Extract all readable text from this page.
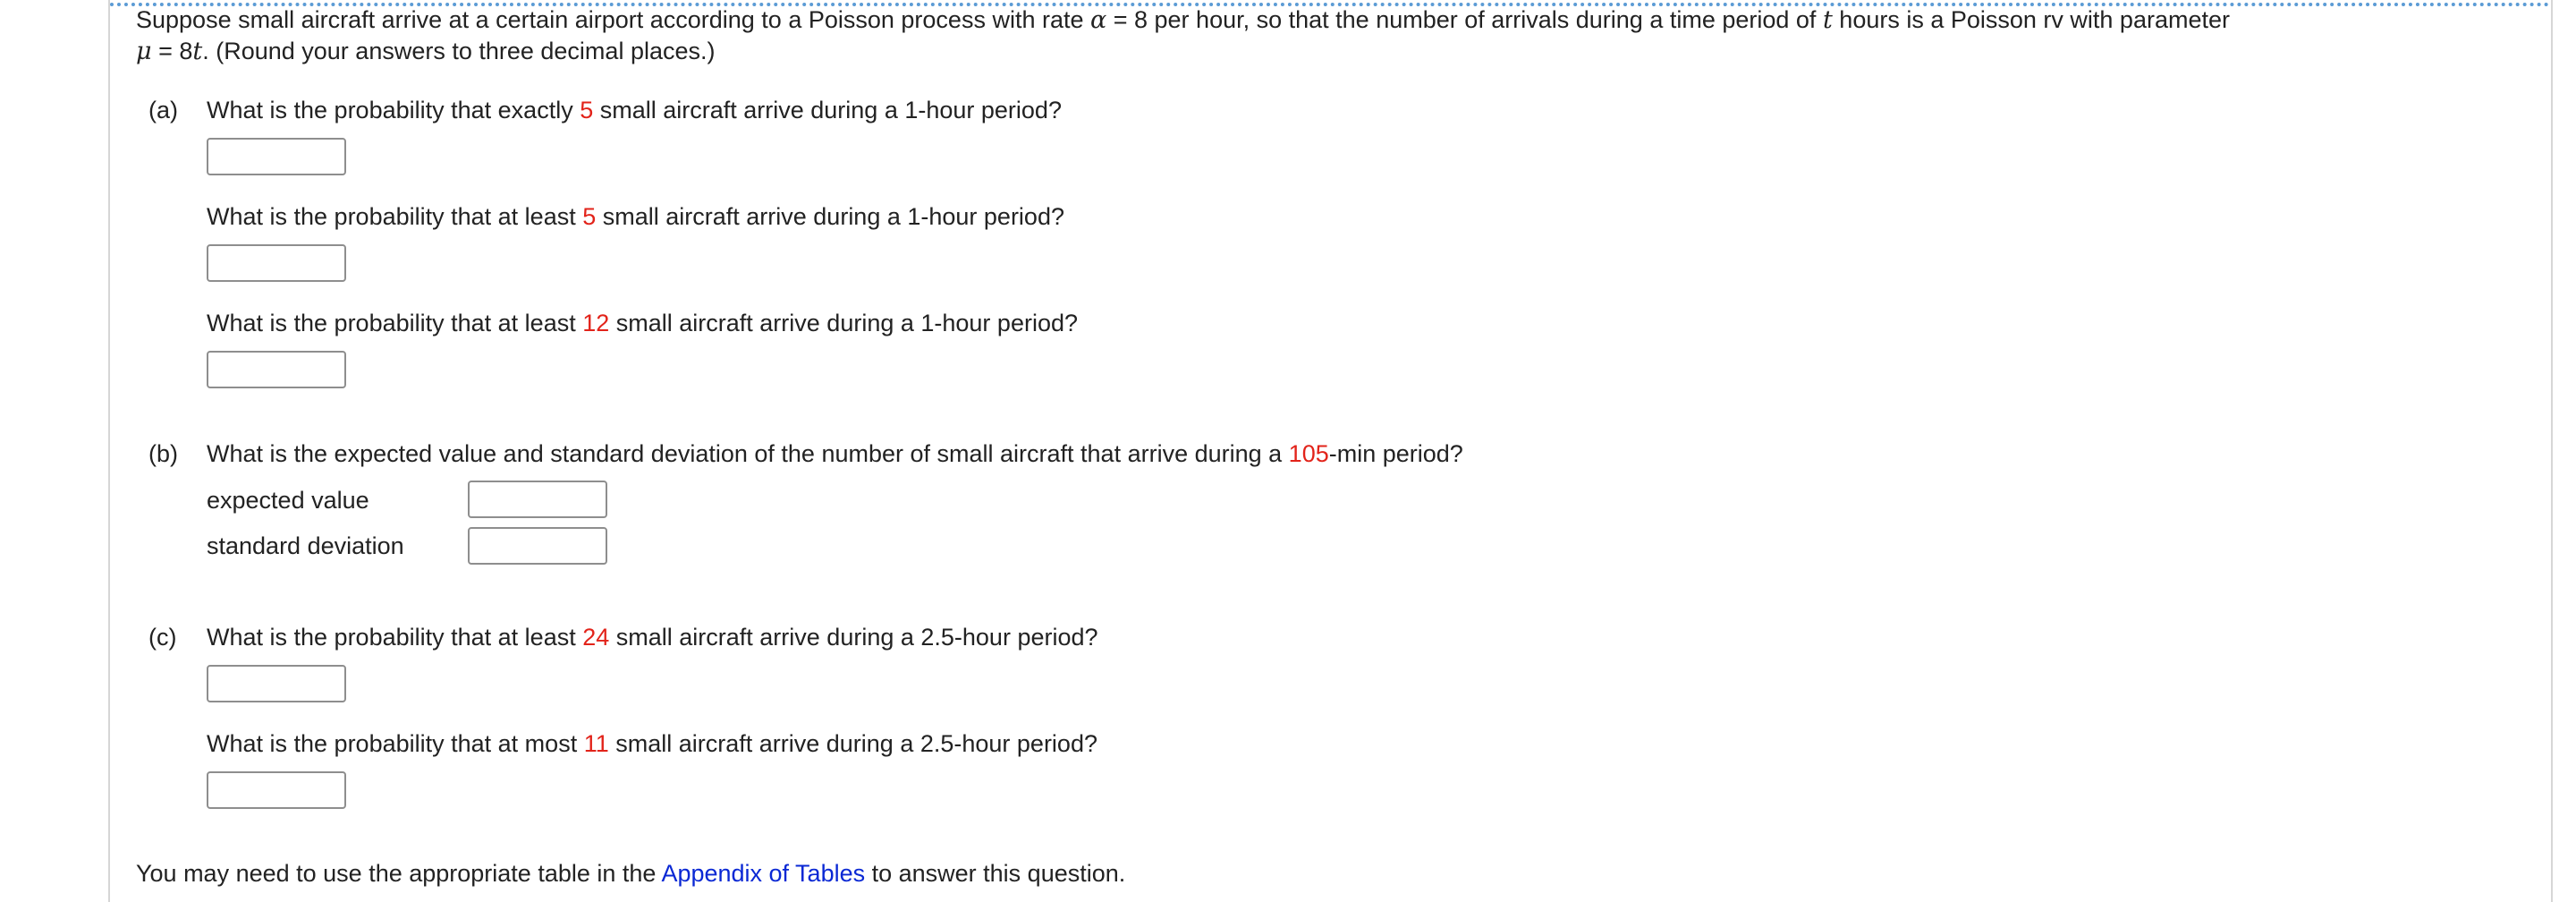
Suppose small aircraft arrive at a certain airport according to a Poisson process with rate α = 8 per hour, so that the number of arrivals during a time period of t hours is a Poisson rv with parameter
μ = 8t. (Round your answers to three decimal places.)
(a) What is the probability that exactly 5 small aircraft arrive during a 1-hour period?
What is the probability that at least 5 small aircraft arrive during a 1-hour period?
What is the probability that at least 12 small aircraft arrive during a 1-hour period?
(b) What is the expected value and standard deviation of the number of small aircraft that arrive during a 105-min period?
expected value
standard deviation
(c) What is the probability that at least 24 small aircraft arrive during a 2.5-hour period?
What is the probability that at most 11 small aircraft arrive during a 2.5-hour period?
You may need to use the appropriate table in the Appendix of Tables to answer this question.
